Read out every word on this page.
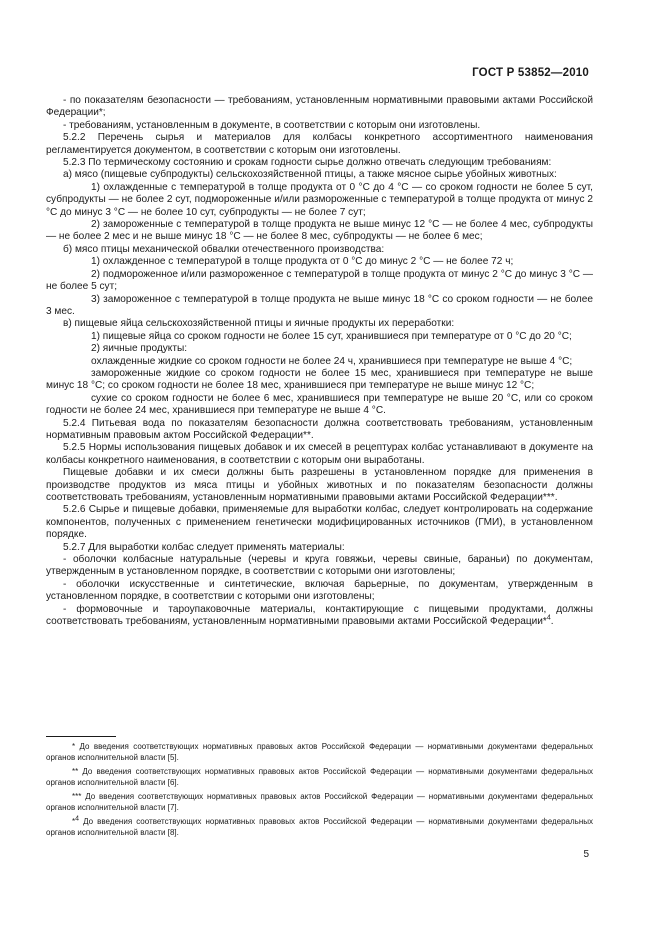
ГОСТ Р 53852—2010

- по показателям безопасности — требованиям, установленным нормативными правовыми актами Российской Федерации*;

- требованиям, установленным в документе, в соответствии с которым они изготовлены.

5.2.2 Перечень сырья и материалов для колбасы конкретного ассортиментного наименования регламентируется документом, в соответствии с которым они изготовлены.

5.2.3 По термическому состоянию и срокам годности сырье должно отвечать следующим требованиям:

а) мясо (пищевые субпродукты) сельскохозяйственной птицы, а также мясное сырье убойных животных:

1) охлажденные с температурой в толще продукта от 0 °С до 4 °С — со сроком годности не более 5 сут, субпродукты — не более 2 сут, подмороженные и/или размороженные с температурой в толще продукта от минус 2 °С до минус 3 °С — не более 10 сут, субпродукты — не более 7 сут;

2) замороженные с температурой в толще продукта не выше минус 12 °С — не более 4 мес, субпродукты — не более 2 мес и не выше минус 18 °С — не более 8 мес, субпродукты — не более 6 мес;

б) мясо птицы механической обвалки отечественного производства:

1) охлажденное с температурой в толще продукта от 0 °С до минус 2 °С — не более 72 ч;

2) подмороженное и/или размороженное с температурой в толще продукта от минус 2 °С до минус 3 °С — не более 5 сут;

3) замороженное с температурой в толще продукта не выше минус 18 °С со сроком годности — не более 3 мес.

в) пищевые яйца сельскохозяйственной птицы и яичные продукты их переработки:

1) пищевые яйца со сроком годности не более 15 сут, хранившиеся при температуре от 0 °С до 20 °С;

2) яичные продукты:

охлажденные жидкие со сроком годности не более 24 ч, хранившиеся при температуре не выше 4 °С;

замороженные жидкие со сроком годности не более 15 мес, хранившиеся при температуре не выше минус 18 °С; со сроком годности не более 18 мес, хранившиеся при температуре не выше минус 12 °С;

сухие со сроком годности не более 6 мес, хранившиеся при температуре не выше 20 °С, или со сроком годности не более 24 мес, хранившиеся при температуре не выше 4 °С.

5.2.4 Питьевая вода по показателям безопасности должна соответствовать требованиям, установленным нормативным правовым актом Российской Федерации**.

5.2.5 Нормы использования пищевых добавок и их смесей в рецептурах колбас устанавливают в документе на колбасы конкретного наименования, в соответствии с которым они выработаны.

Пищевые добавки и их смеси должны быть разрешены в установленном порядке для применения в производстве продуктов из мяса птицы и убойных животных и по показателям безопасности должны соответствовать требованиям, установленным нормативными правовыми актами Российской Федерации***.

5.2.6 Сырье и пищевые добавки, применяемые для выработки колбас, следует контролировать на содержание компонентов, полученных с применением генетически модифицированных источников (ГМИ), в установленном порядке.

5.2.7 Для выработки колбас следует применять материалы:

- оболочки колбасные натуральные (черевы и круга говяжьи, черевы свиные, бараньи) по документам, утвержденным в установленном порядке, в соответствии с которыми они изготовлены;

- оболочки искусственные и синтетические, включая барьерные, по документам, утвержденным в установленном порядке, в соответствии с которыми они изготовлены;

- формовочные и тароупаковочные материалы, контактирующие с пищевыми продуктами, должны соответствовать требованиям, установленным нормативными правовыми актами Российской Федерации*$^4$.

* До введения соответствующих нормативных правовых актов Российской Федерации — нормативными документами федеральных органов исполнительной власти [5].

** До введения соответствующих нормативных правовых актов Российской Федерации — нормативными документами федеральных органов исполнительной власти [6].

*** До введения соответствующих нормативных правовых актов Российской Федерации — нормативными документами федеральных органов исполнительной власти [7].

*$^4$ До введения соответствующих нормативных правовых актов Российской Федерации — нормативными документами федеральных органов исполнительной власти [8].

5
